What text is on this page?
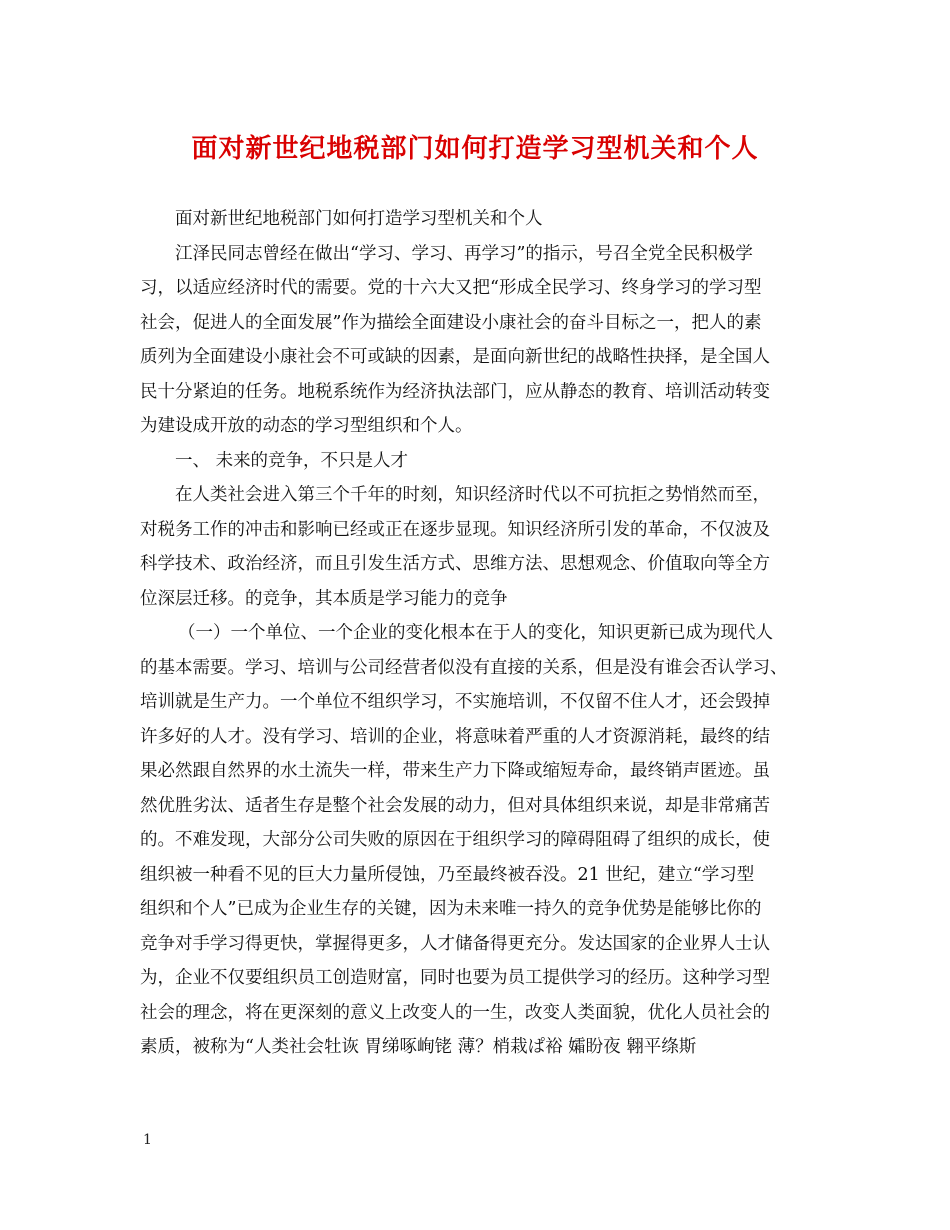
面对新世纪地税部门如何打造学习型机关和个人
面对新世纪地税部门如何打造学习型机关和个人
江泽民同志曾经在做出“学习、学习、再学习”的指示，号召全党全民积极学
习，以适应经济时代的需要。党的十六大又把“形成全民学习、终身学习的学习型
社会，促进人的全面发展”作为描绘全面建设小康社会的奋斗目标之一，把人的素
质列为全面建设小康社会不可或缺的因素，是面向新世纪的战略性抉择，是全国人
民十分紧迫的任务。地税系统作为经济执法部门，应从静态的教育、培训活动转变
为建设成开放的动态的学习型组织和个人。
一、 未来的竞争，不只是人才
在人类社会进入第三个千年的时刻，知识经济时代以不可抗拒之势悄然而至，
对税务工作的冲击和影响已经或正在逐步显现。知识经济所引发的革命，不仅波及
科学技术、政治经济，而且引发生活方式、思维方法、思想观念、价值取向等全方
位深层迁移。的竞争，其本质是学习能力的竞争
（一）一个单位、一个企业的变化根本在于人的变化，知识更新已成为现代人
的基本需要。学习、培训与公司经营者似没有直接的关系，但是没有谁会否认学习、
培训就是生产力。一个单位不组织学习，不实施培训，不仅留不住人才，还会毁掉
许多好的人才。没有学习、培训的企业，将意味着严重的人才资源消耗，最终的结
果必然跟自然界的水土流失一样，带来生产力下降或缩短寿命，最终销声匿迹。虽
然优胜劣汰、适者生存是整个社会发展的动力，但对具体组织来说，却是非常痛苦
的。不难发现，大部分公司失败的原因在于组织学习的障碍阻碍了组织的成长，使
组织被一种看不见的巨大力量所侵蚀，乃至最终被吞没。21 世纪，建立“学习型
组织和个人”已成为企业生存的关键，因为未来唯一持久的竞争优势是能够比你的
竞争对手学习得更快，掌握得更多，人才储备得更充分。发达国家的企业界人士认
为，企业不仅要组织员工创造财富，同时也要为员工提供学习的经历。这种学习型
社会的理念，将在更深刻的意义上改变人的一生，改变人类面貌，优化人员社会的
素质，被称为“人类社会牡诙 胃绨啄峋铑 薄？梢栽ぱ裕 孀盼夜 翱平绦斯
1
